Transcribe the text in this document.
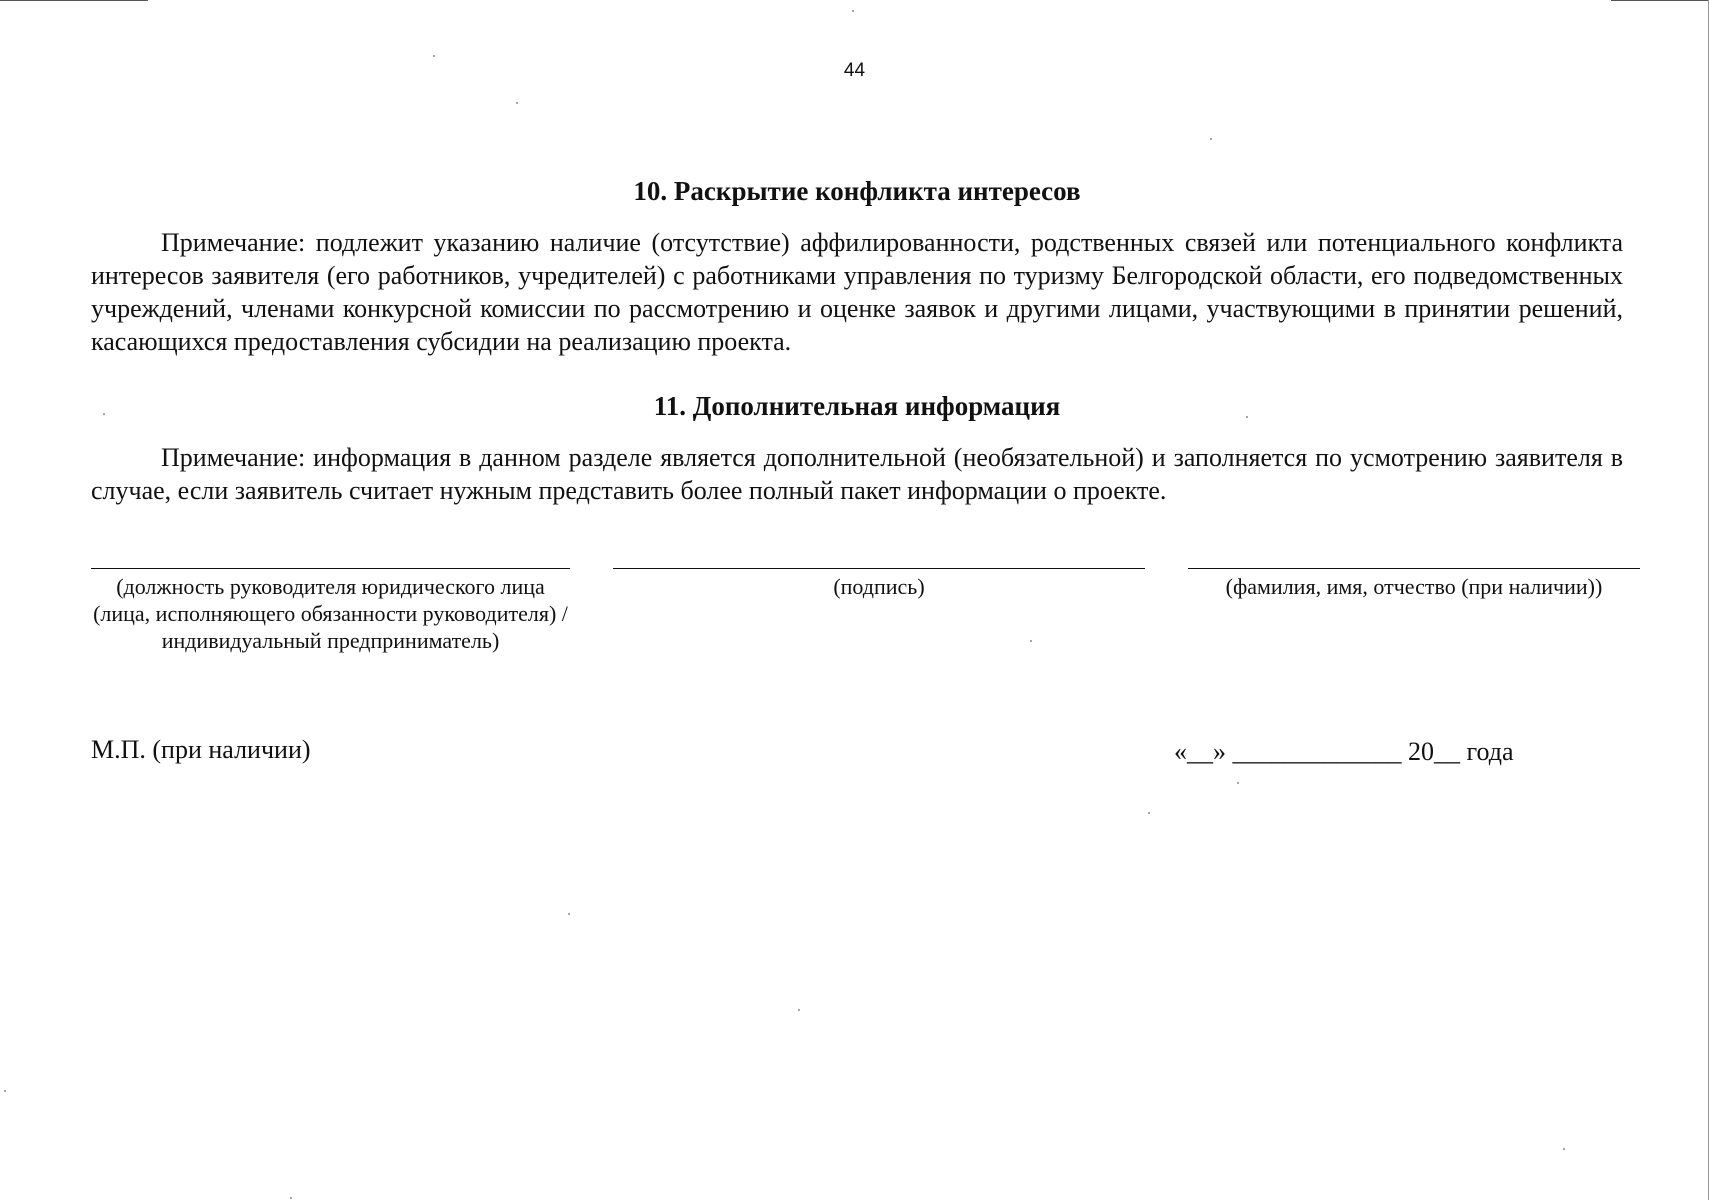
44
10. Раскрытие конфликта интересов

Примечание: подлежит указанию наличие (отсутствие) аффилированности, родственных связей или потенциального конфликта интересов заявителя (его работников, учредителей) с работниками управления по туризму Белгородской области, его подведомственных учреждений, членами конкурсной комиссии по рассмотрению и оценке заявок и другими лицами, участвующими в принятии решений, касающихся предоставления субсидии на реализацию проекта.

11. Дополнительная информация

Примечание: информация в данном разделе является дополнительной (необязательной) и заполняется по усмотрению заявителя в случае, если заявитель считает нужным представить более полный пакет информации о проекте.

(должность руководителя юридического лица (лица, исполняющего обязанности руководителя) / индивидуальный предприниматель)
(подпись)	(фамилия, имя, отчество (при наличии))
М.П. (при наличии)	«__» _____________ 20__ года
